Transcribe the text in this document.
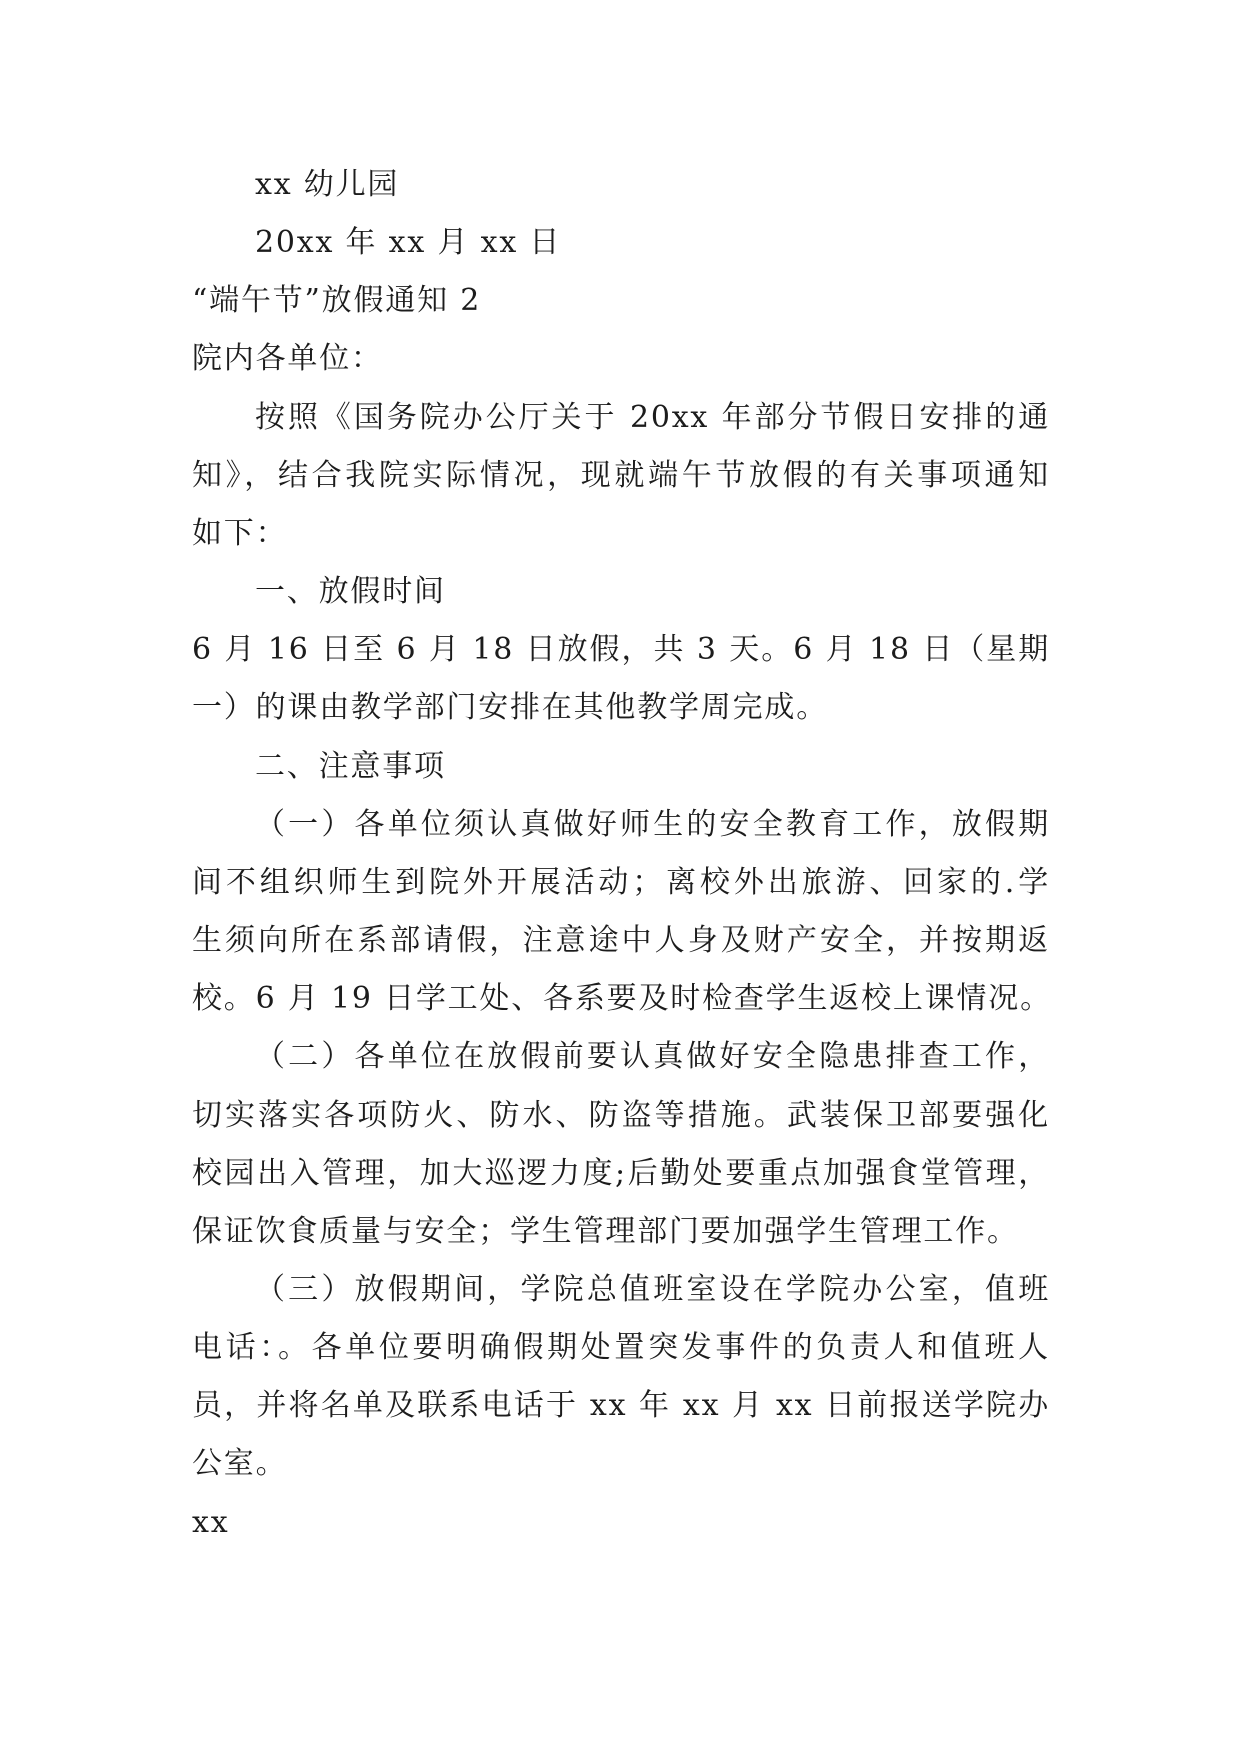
xx 幼儿园
20xx 年 xx 月 xx 日
“端午节”放假通知 2
院内各单位：
按照《国务院办公厅关于 20xx 年部分节假日安排的通
知》，结合我院实际情况，现就端午节放假的有关事项通知
如下：
一、放假时间
6 月 16 日至 6 月 18 日放假，共 3 天。6 月 18 日（星期
一）的课由教学部门安排在其他教学周完成。
二、注意事项
（一）各单位须认真做好师生的安全教育工作，放假期
间不组织师生到院外开展活动；离校外出旅游、回家的.学
生须向所在系部请假，注意途中人身及财产安全，并按期返
校。6 月 19 日学工处、各系要及时检查学生返校上课情况。
（二）各单位在放假前要认真做好安全隐患排查工作，
切实落实各项防火、防水、防盗等措施。武装保卫部要强化
校园出入管理，加大巡逻力度;后勤处要重点加强食堂管理，
保证饮食质量与安全；学生管理部门要加强学生管理工作。
（三）放假期间，学院总值班室设在学院办公室，值班
电话：。各单位要明确假期处置突发事件的负责人和值班人
员，并将名单及联系电话于 xx 年 xx 月 xx 日前报送学院办
公室。
xx
